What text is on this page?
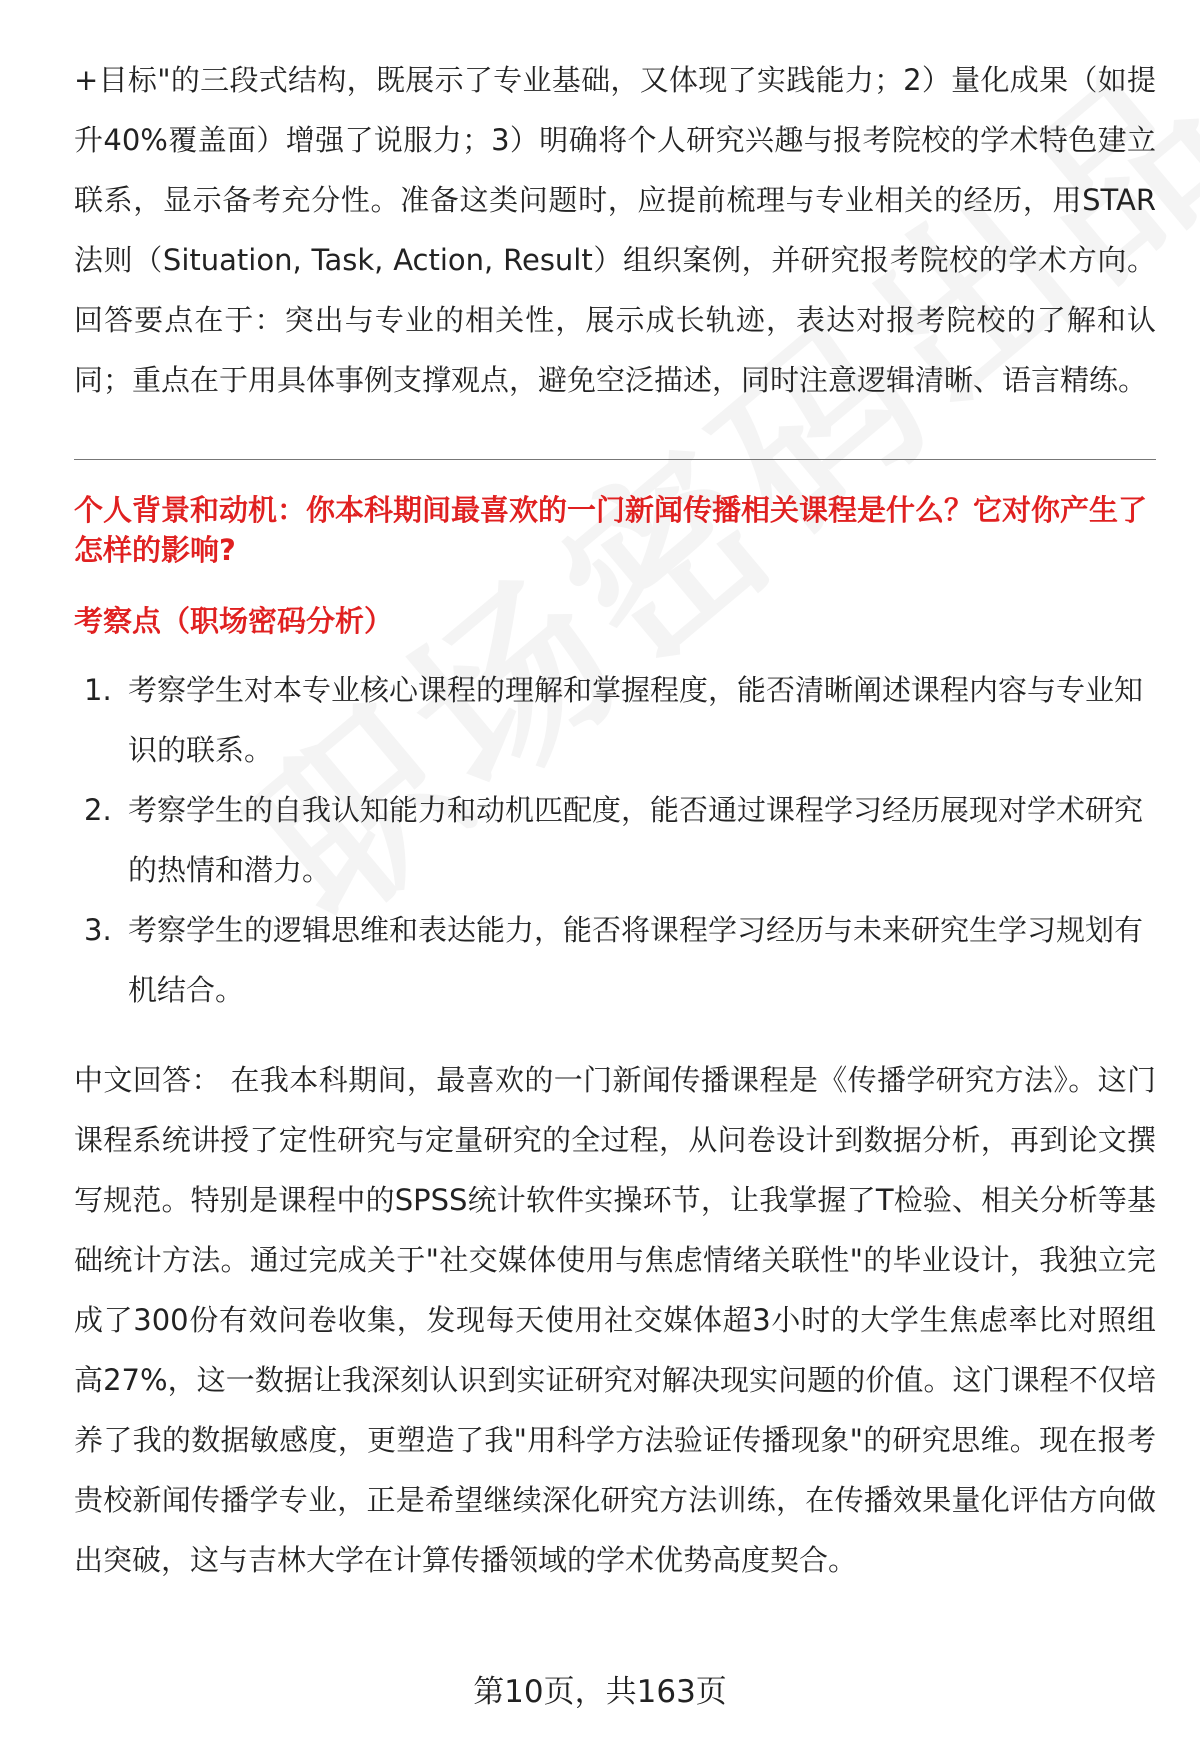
+目标"的三段式结构，既展示了专业基础，又体现了实践能力；2）量化成果（如提升40%覆盖面）增强了说服力；3）明确将个人研究兴趣与报考院校的学术特色建立联系，显示备考充分性。准备这类问题时，应提前梳理与专业相关的经历，用STAR法则（Situation, Task, Action, Result）组织案例，并研究报考院校的学术方向。回答要点在于：突出与专业的相关性，展示成长轨迹，表达对报考院校的了解和认同；重点在于用具体事例支撑观点，避免空泛描述，同时注意逻辑清晰、语言精练。

个人背景和动机：你本科期间最喜欢的一门新闻传播相关课程是什么？它对你产生了怎样的影响?

考察点（职场密码分析）

1. 考察学生对本专业核心课程的理解和掌握程度，能否清晰阐述课程内容与专业知识的联系。
2. 考察学生的自我认知能力和动机匹配度，能否通过课程学习经历展现对学术研究的热情和潜力。
3. 考察学生的逻辑思维和表达能力，能否将课程学习经历与未来研究生学习规划有机结合。

中文回答： 在我本科期间，最喜欢的一门新闻传播课程是《传播学研究方法》。这门课程系统讲授了定性研究与定量研究的全过程，从问卷设计到数据分析，再到论文撰写规范。特别是课程中的SPSS统计软件实操环节，让我掌握了T检验、相关分析等基础统计方法。通过完成关于"社交媒体使用与焦虑情绪关联性"的毕业设计，我独立完成了300份有效问卷收集，发现每天使用社交媒体超3小时的大学生焦虑率比对照组高27%，这一数据让我深刻认识到实证研究对解决现实问题的价值。这门课程不仅培养了我的数据敏感度，更塑造了我"用科学方法验证传播现象"的研究思维。现在报考贵校新闻传播学专业，正是希望继续深化研究方法训练，在传播效果量化评估方向做出突破，这与吉林大学在计算传播领域的学术优势高度契合。

第10页，共163页
